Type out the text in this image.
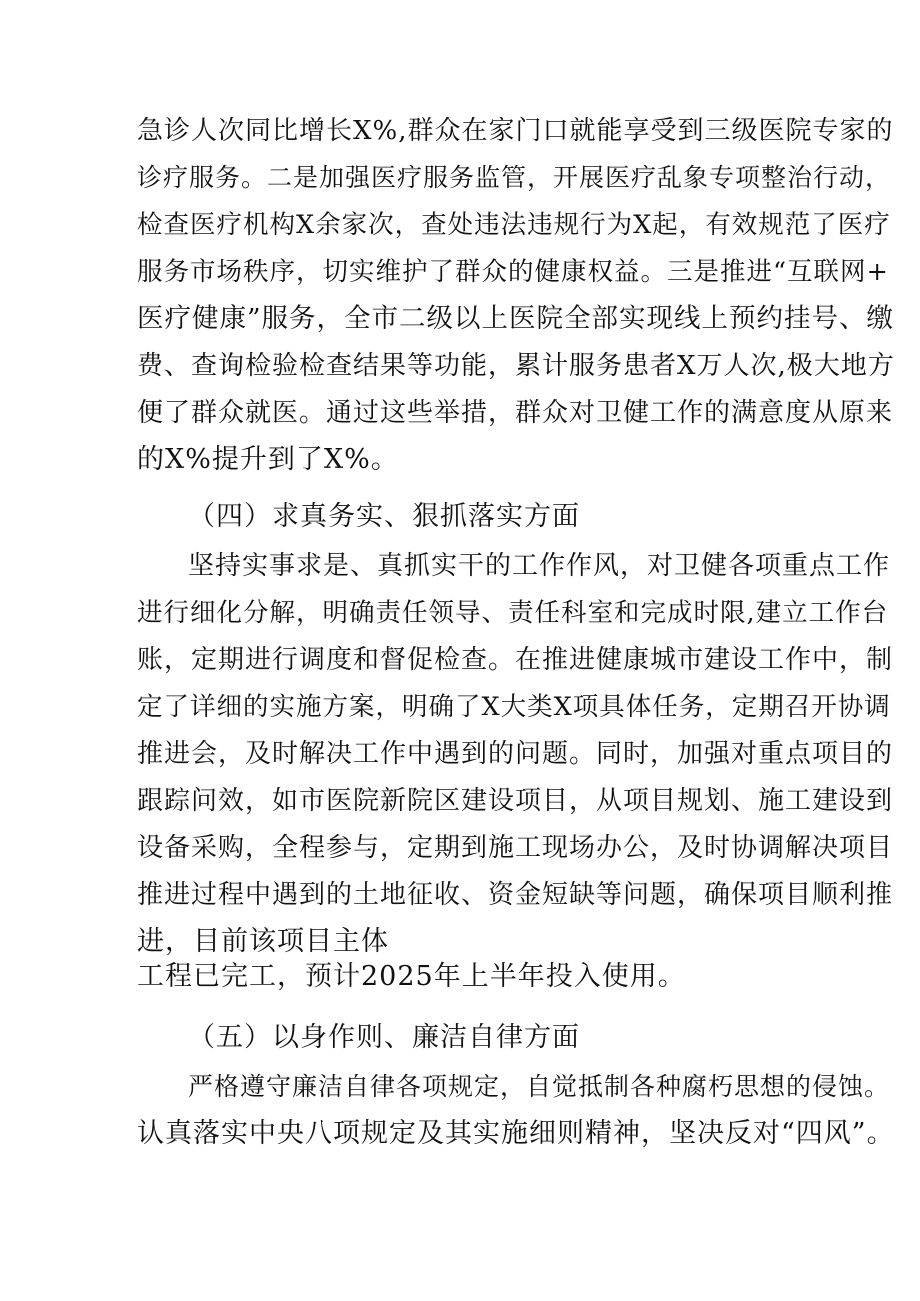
急诊人次同比增长X%,群众在家门口就能享受到三级医院专家的
诊疗服务。二是加强医疗服务监管，开展医疗乱象专项整治行动，
检查医疗机构X余家次，查处违法违规行为X起，有效规范了医疗
服务市场秩序，切实维护了群众的健康权益。三是推进“互联网+
医疗健康”服务，全市二级以上医院全部实现线上预约挂号、缴
费、查询检验检查结果等功能，累计服务患者X万人次,极大地方
便了群众就医。通过这些举措，群众对卫健工作的满意度从原来
的X%提升到了X%。
（四）求真务实、狠抓落实方面
坚持实事求是、真抓实干的工作作风，对卫健各项重点工作
进行细化分解，明确责任领导、责任科室和完成时限,建立工作台
账，定期进行调度和督促检查。在推进健康城市建设工作中，制
定了详细的实施方案，明确了X大类X项具体任务，定期召开协调
推进会，及时解决工作中遇到的问题。同时，加强对重点项目的
跟踪问效，如市医院新院区建设项目，从项目规划、施工建设到
设备采购，全程参与，定期到施工现场办公，及时协调解决项目
推进过程中遇到的土地征收、资金短缺等问题，确保项目顺利推
进，目前该项目主体
工程已完工，预计2025年上半年投入使用。
（五）以身作则、廉洁自律方面
严格遵守廉洁自律各项规定，自觉抵制各种腐朽思想的侵蚀。
认真落实中央八项规定及其实施细则精神，坚决反对“四风”。
